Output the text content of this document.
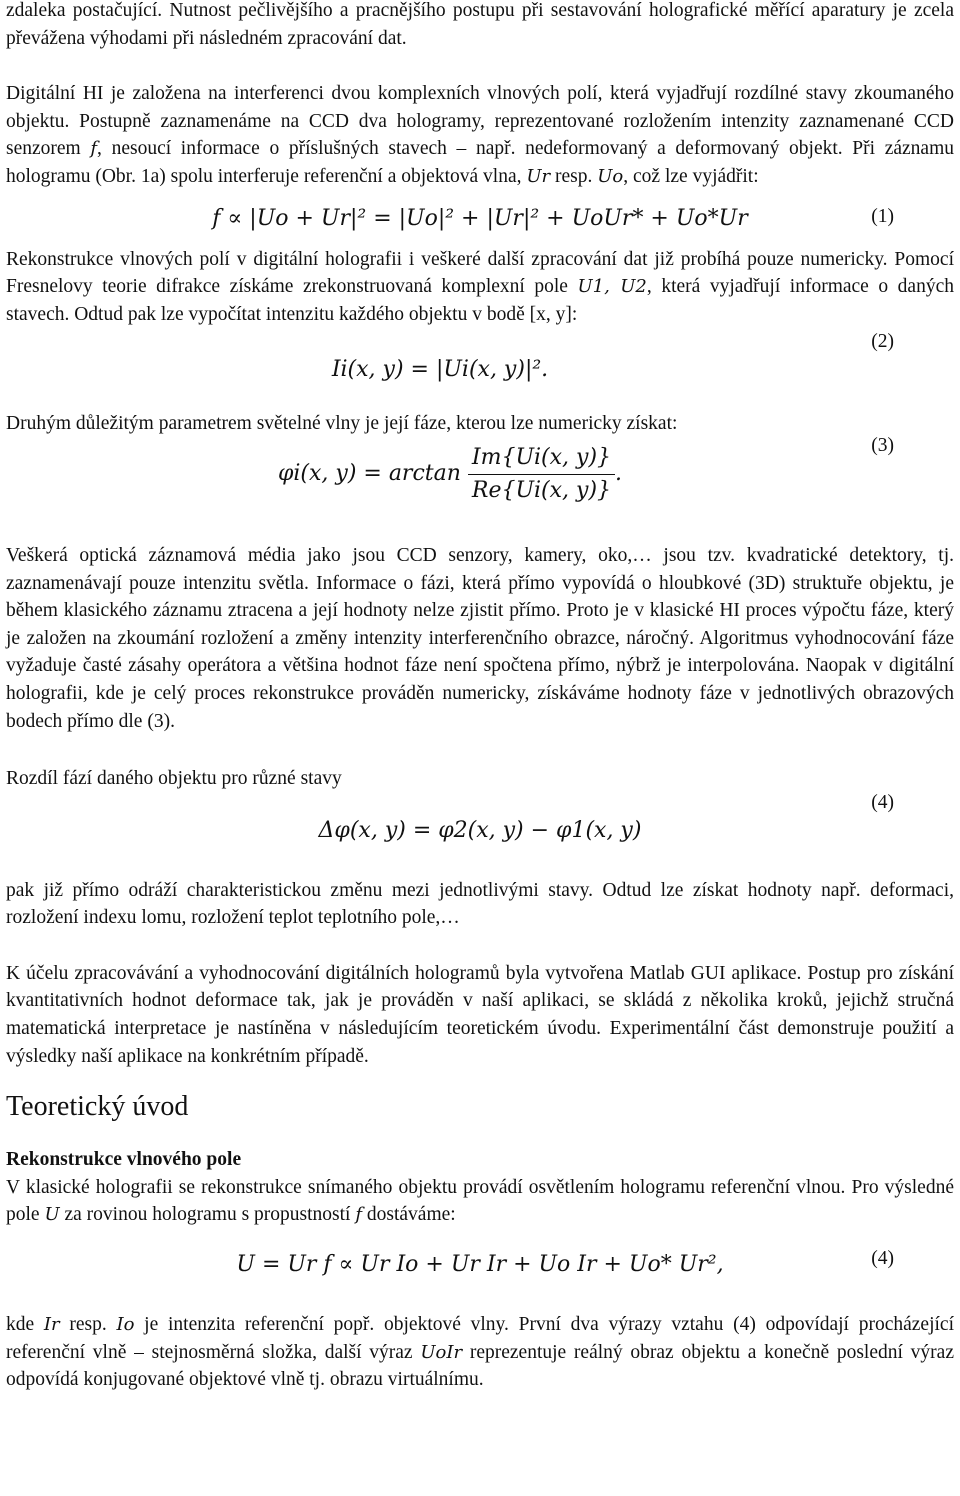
zdaleka postačující. Nutnost pečlivějšího a pracnějšího postupu při sestavování holografické měřící aparatury je zcela převážena výhodami při následném zpracování dat.

Digitální HI je založena na interferenci dvou komplexních vlnových polí, která vyjadřují rozdílné stavy zkoumaného objektu. Postupně zaznamenáme na CCD dva hologramy, reprezentované rozložením intenzity zaznamenané CCD senzorem f, nesoucí informace o příslušných stavech – např. nedeformovaný a deformovaný objekt. Při záznamu hologramu (Obr. 1a) spolu interferuje referenční a objektová vlna, Ur resp. Uo, což lze vyjádřit:

f ∝ |Uo + Ur|² = |Uo|² + |Ur|² + UoUr* + Uo*Ur	(1)

Rekonstrukce vlnových polí v digitální holografii i veškeré další zpracování dat již probíhá pouze numericky. Pomocí Fresnelovy teorie difrakce získáme zrekonstruovaná komplexní pole U1, U2, která vyjadřují informace o daných stavech. Odtud pak lze vypočítat intenzitu každého objektu v bodě [x, y]:

Ii(x, y) = |Ui(x, y)|².
(2)

Druhým důležitým parametrem světelné vlny je její fáze, kterou lze numericky získat:

φi(x, $y) = \arctan \frac{Im\{Ui(x, y)\}}{Re\{Ui(x, y)\}}$ .
(3)

Veškerá optická záznamová média jako jsou CCD senzory, kamery, oko,… jsou tzv. kvadratické detektory, tj. zaznamenávají pouze intenzitu světla. Informace o fázi, která přímo vypovídá o hloubkové (3D) struktuře objektu, je během klasického záznamu ztracena a její hodnoty nelze zjistit přímo. Proto je v klasické HI proces výpočtu fáze, který je založen na zkoumání rozložení a změny intenzity interferenčního obrazce, náročný. Algoritmus vyhodnocování fáze vyžaduje časté zásahy operátora a většina hodnot fáze není spočtena přímo, nýbrž je interpolována. Naopak v digitální holografii, kde je celý proces rekonstrukce prováděn numericky, získáváme hodnoty fáze v jednotlivých obrazových bodech přímo dle (3).

Rozdíl fází daného objektu pro různé stavy

Δφ(x, y) = φ2(x, y) − φ1(x, y)
(4)

pak již přímo odráží charakteristickou změnu mezi jednotlivými stavy. Odtud lze získat hodnoty např. deformaci, rozložení indexu lomu, rozložení teplot teplotního pole,…

K účelu zpracovávání a vyhodnocování digitálních hologramů byla vytvořena Matlab GUI aplikace. Postup pro získání kvantitativních hodnot deformace tak, jak je prováděn v naší aplikaci, se skládá z několika kroků, jejichž stručná matematická interpretace je nastíněna v následujícím teoretickém úvodu. Experimentální část demonstruje použití a výsledky naší aplikace na konkrétním případě.

Teoretický úvod
Rekonstrukce vlnového pole

V klasické holografii se rekonstrukce snímaného objektu provádí osvětlením hologramu referenční vlnou. Pro výsledné pole U za rovinou hologramu s propustností f dostáváme:

U = Ur f ∝ Ur Io + Ur Ir + Uo Ir + Uo* Ur²,	(4)

kde Ir resp. Io je intenzita referenční popř. objektové vlny. První dva výrazy vztahu (4) odpovídají procházející referenční vlně – stejnosměrná složka, další výraz UoIr reprezentuje reálný obraz objektu a konečně poslední výraz odpovídá konjugované objektové vlně tj. obrazu virtuálnímu.
